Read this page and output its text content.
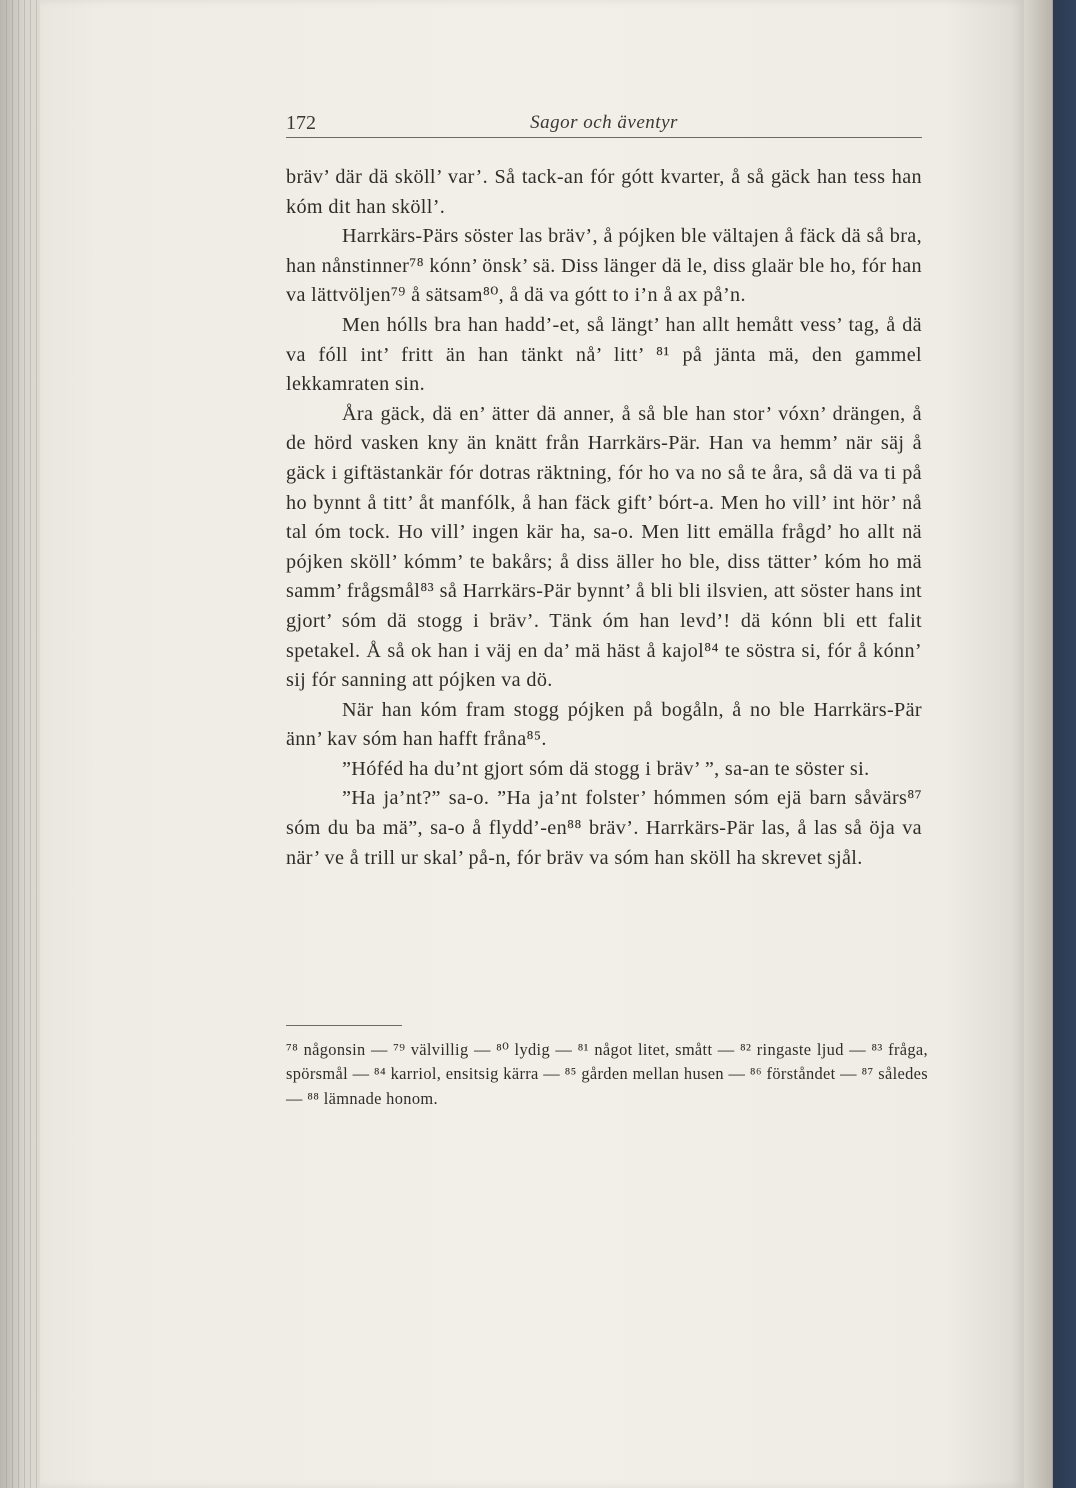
172	Sagor och äventyr

bräv’ där dä sköll’ var’. Så tack-an fór gótt kvarter, å så gäck han tess han kóm dit han sköll’.

Harrkärs-Pärs söster las bräv’, å pójken ble vältajen å fäck dä så bra, han nånstinner⁷⁸ kónn’ önsk’ sä. Diss länger dä le, diss glaär ble ho, fór han va lättvöljen⁷⁹ å sätsam⁸⁰, å dä va gótt to i’n å ax på’n.

Men hólls bra han hadd’-et, så längt’ han allt hemått vess’ tag, å dä va fóll int’ fritt än han tänkt nå’ litt’ ⁸¹ på jänta mä, den gammel lekkamraten sin.

Åra gäck, dä en’ ätter dä anner, å så ble han stor’ vóxn’ drängen, å de hörd vasken kny än knätt från Harrkärs-Pär. Han va hemm’ när säj å gäck i giftästankär fór dotras räktning, fór ho va no så te åra, så dä va ti på ho bynnt å titt’ åt manfólk, å han fäck gift’ bórt-a. Men ho vill’ int hör’ nå tal óm tock. Ho vill’ ingen kär ha, sa-o. Men litt emälla frågd’ ho allt nä pójken sköll’ kómm’ te bakårs; å diss äller ho ble, diss tätter’ kóm ho mä samm’ frågsmål⁸³ så Harrkärs-Pär bynnt’ å bli bli ilsvien, att söster hans int gjort’ sóm dä stogg i bräv’. Tänk óm han levd’! dä kónn bli ett falit spetakel. Å så ok han i väj en da’ mä häst å kajol⁸⁴ te söstra si, fór å kónn’ sij fór sanning att pójken va dö.

När han kóm fram stogg pójken på bogåln, å no ble Harrkärs-Pär änn’ kav sóm han hafft fråna⁸⁵.

”Hóféd ha du’nt gjort sóm dä stogg i bräv’ ”, sa-an te söster si.

”Ha ja’nt?” sa-o. ”Ha ja’nt folster’ hómmen sóm ejä barn såvärs⁸⁷ sóm du ba mä”, sa-o å flydd’-en⁸⁸ bräv’. Harrkärs-Pär las, å las så öja va när’ ve å trill ur skal’ på-n, fór bräv va sóm han sköll ha skrevet sjål.

⁷⁸ någonsin — ⁷⁹ välvillig — ⁸⁰ lydig — ⁸¹ något litet, smått — ⁸² ringaste ljud — ⁸³ fråga, spörsmål — ⁸⁴ karriol, ensitsig kärra — ⁸⁵ gården mellan husen — ⁸⁶ förståndet — ⁸⁷ således — ⁸⁸ lämnade honom.
